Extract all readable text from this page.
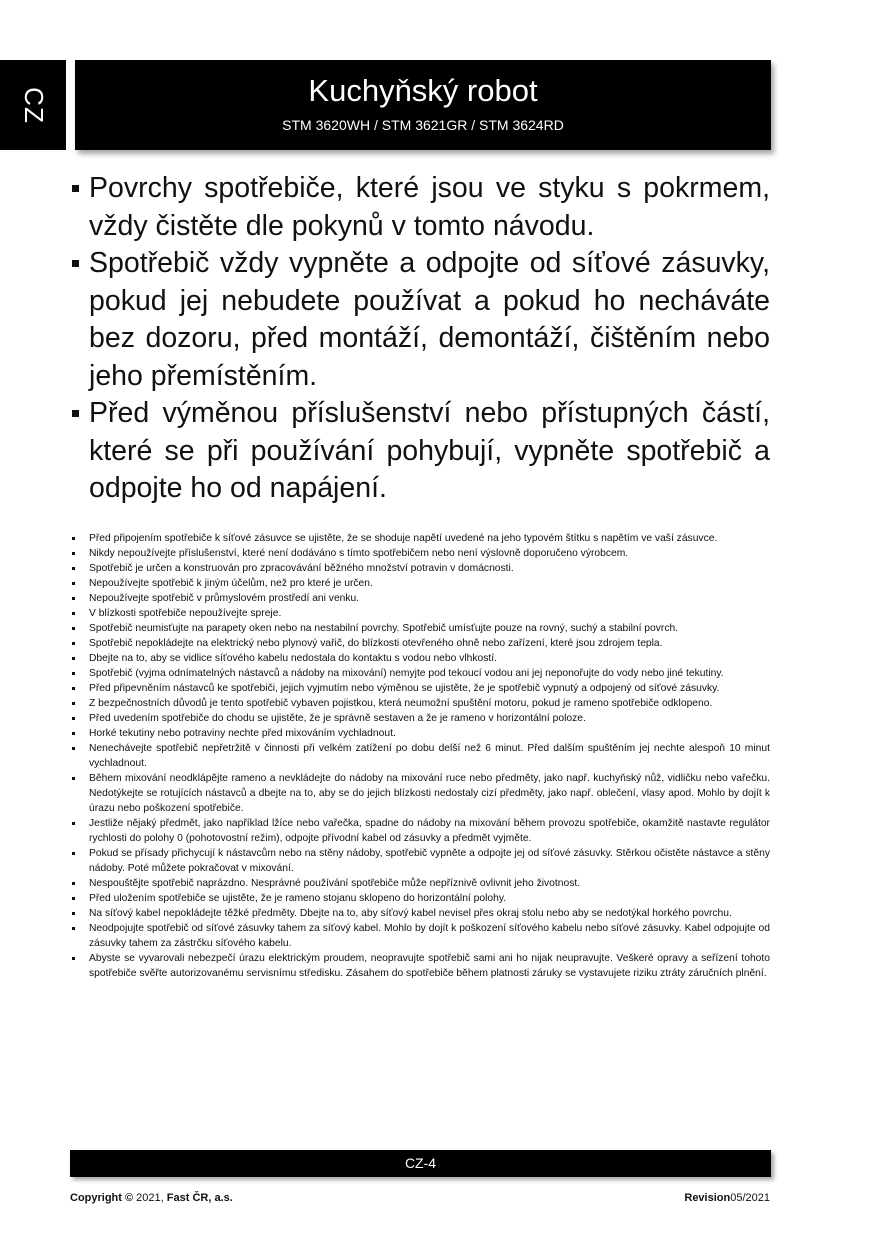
CZ	Kuchyňský robot
STM 3620WH / STM 3621GR / STM 3624RD
Povrchy spotřebiče, které jsou ve styku s pokrmem, vždy čistěte dle pokynů v tomto návodu.
Spotřebič vždy vypněte a odpojte od síťové zásuvky, pokud jej nebudete používat a pokud ho necháváte bez dozoru, před montáží, demontáží, čištěním nebo jeho přemístěním.
Před výměnou příslušenství nebo přístupných částí, které se při používání pohybují, vypněte spotřebič a odpojte ho od napájení.
Před připojením spotřebiče k síťové zásuvce se ujistěte, že se shoduje napětí uvedené na jeho typovém štítku s napětím ve vaší zásuvce.
Nikdy nepoužívejte příslušenství, které není dodáváno s tímto spotřebičem nebo není výslovně doporučeno výrobcem.
Spotřebič je určen a konstruován pro zpracovávání běžného množství potravin v domácnosti.
Nepoužívejte spotřebič k jiným účelům, než pro které je určen.
Nepoužívejte spotřebič v průmyslovém prostředí ani venku.
V blízkosti spotřebiče nepoužívejte spreje.
Spotřebič neumisťujte na parapety oken nebo na nestabilní povrchy. Spotřebič umísťujte pouze na rovný, suchý a stabilní povrch.
Spotřebič nepokládejte na elektrický nebo plynový vařič, do blízkosti otevřeného ohně nebo zařízení, které jsou zdrojem tepla.
Dbejte na to, aby se vidlice síťového kabelu nedostala do kontaktu s vodou nebo vlhkostí.
Spotřebič (vyjma odnímatelných nástavců a nádoby na mixování) nemyjte pod tekoucí vodou ani jej neponořujte do vody nebo jiné tekutiny.
Před připevněním nástavců ke spotřebiči, jejich vyjmutím nebo výměnou se ujistěte, že je spotřebič vypnutý a odpojený od síťové zásuvky.
Z bezpečnostních důvodů je tento spotřebič vybaven pojistkou, která neumožní spuštění motoru, pokud je rameno spotřebiče odklopeno.
Před uvedením spotřebiče do chodu se ujistěte, že je správně sestaven a že je rameno v horizontální poloze.
Horké tekutiny nebo potraviny nechte před mixováním vychladnout.
Nenechávejte spotřebič nepřetržitě v činnosti při velkém zatížení po dobu delší než 6 minut. Před dalším spuštěním jej nechte alespoň 10 minut vychladnout.
Během mixování neodklápějte rameno a nevkládejte do nádoby na mixování ruce nebo předměty, jako např. kuchyňský nůž, vidličku nebo vařečku. Nedotýkejte se rotujících nástavců a dbejte na to, aby se do jejich blízkosti nedostaly cizí předměty, jako např. oblečení, vlasy apod. Mohlo by dojít k úrazu nebo poškození spotřebiče.
Jestliže nějaký předmět, jako například lžíce nebo vařečka, spadne do nádoby na mixování během provozu spotřebiče, okamžitě nastavte regulátor rychlosti do polohy 0 (pohotovostní režim), odpojte přívodní kabel od zásuvky a předmět vyjměte.
Pokud se přísady přichycují k nástavcům nebo na stěny nádoby, spotřebič vypněte a odpojte jej od síťové zásuvky. Stěrkou očistěte nástavce a stěny nádoby. Poté můžete pokračovat v mixování.
Nespouštějte spotřebič naprázdno. Nesprávné používání spotřebiče může nepříznivě ovlivnit jeho životnost.
Před uložením spotřebiče se ujistěte, že je rameno stojanu sklopeno do horizontální polohy.
Na síťový kabel nepokládejte těžké předměty. Dbejte na to, aby síťový kabel nevisel přes okraj stolu nebo aby se nedotýkal horkého povrchu.
Neodpojujte spotřebič od síťové zásuvky tahem za síťový kabel. Mohlo by dojít k poškození síťového kabelu nebo síťové zásuvky. Kabel odpojujte od zásuvky tahem za zástrčku síťového kabelu.
Abyste se vyvarovali nebezpečí úrazu elektrickým proudem, neopravujte spotřebič sami ani ho nijak neupravujte. Veškeré opravy a seřízení tohoto spotřebiče svěřte autorizovanému servisnímu středisku. Zásahem do spotřebiče během platnosti záruky se vystavujete riziku ztráty záručních plnění.
CZ-4
Copyright © 2021, Fast ČR, a.s.	Revision05/2021
